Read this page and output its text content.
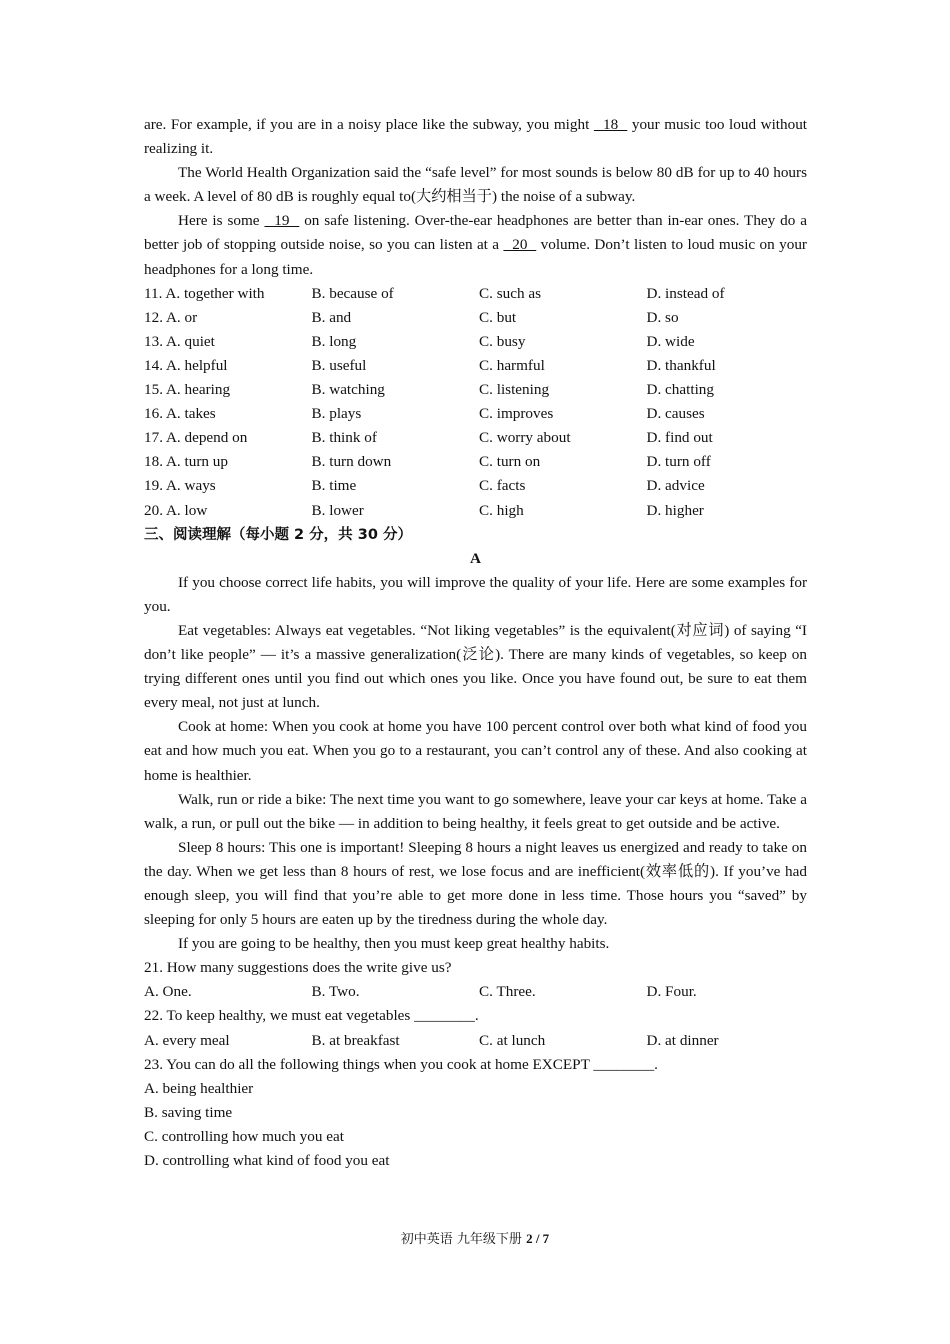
are. For example, if you are in a noisy place like the subway, you might   18   your music too loud without realizing it.

The World Health Organization said the “safe level” for most sounds is below 80 dB for up to 40 hours a week. A level of 80 dB is roughly equal to(大约相当于) the noise of a subway.

Here is some   19   on safe listening. Over-the-ear headphones are better than in-ear ones. They do a better job of stopping outside noise, so you can listen at a   20   volume. Don’t listen to loud music on your headphones for a long time.

11. A. together with	B. because of	C. such as	D. instead of
12. A. or	B. and	C. but	D. so
13. A. quiet	B. long	C. busy	D. wide
14. A. helpful	B. useful	C. harmful	D. thankful
15. A. hearing	B. watching	C. listening	D. chatting
16. A. takes	B. plays	C. improves	D. causes
17. A. depend on	B. think of	C. worry about	D. find out
18. A. turn up	B. turn down	C. turn on	D. turn off
19. A. ways	B. time	C. facts	D. advice
20. A. low	B. lower	C. high	D. higher

三、阅读理解（每小题 2 分，共 30 分）

A

If you choose correct life habits, you will improve the quality of your life. Here are some examples for you.

Eat vegetables: Always eat vegetables. “Not liking vegetables” is the equivalent(对应词) of saying “I don’t like people” — it’s a massive generalization(泛论). There are many kinds of vegetables, so keep on trying different ones until you find out which ones you like. Once you have found out, be sure to eat them every meal, not just at lunch.

Cook at home: When you cook at home you have 100 percent control over both what kind of food you eat and how much you eat. When you go to a restaurant, you can’t control any of these. And also cooking at home is healthier.

Walk, run or ride a bike: The next time you want to go somewhere, leave your car keys at home. Take a walk, a run, or pull out the bike — in addition to being healthy, it feels great to get outside and be active.

Sleep 8 hours: This one is important! Sleeping 8 hours a night leaves us energized and ready to take on the day. When we get less than 8 hours of rest, we lose focus and are inefficient(效率低的). If you’ve had enough sleep, you will find that you’re able to get more done in less time. Those hours you “saved” by sleeping for only 5 hours are eaten up by the tiredness during the whole day.

If you are going to be healthy, then you must keep great healthy habits.

21. How many suggestions does the write give us?

A. One.	B. Two.	C. Three.	D. Four.

22. To keep healthy, we must eat vegetables ________.

A. every meal	B. at breakfast	C. at lunch	D. at dinner

23. You can do all the following things when you cook at home EXCEPT ________.

A. being healthier

B. saving time

C. controlling how much you eat

D. controlling what kind of food you eat

初中英语 九年级下册 2 / 7
